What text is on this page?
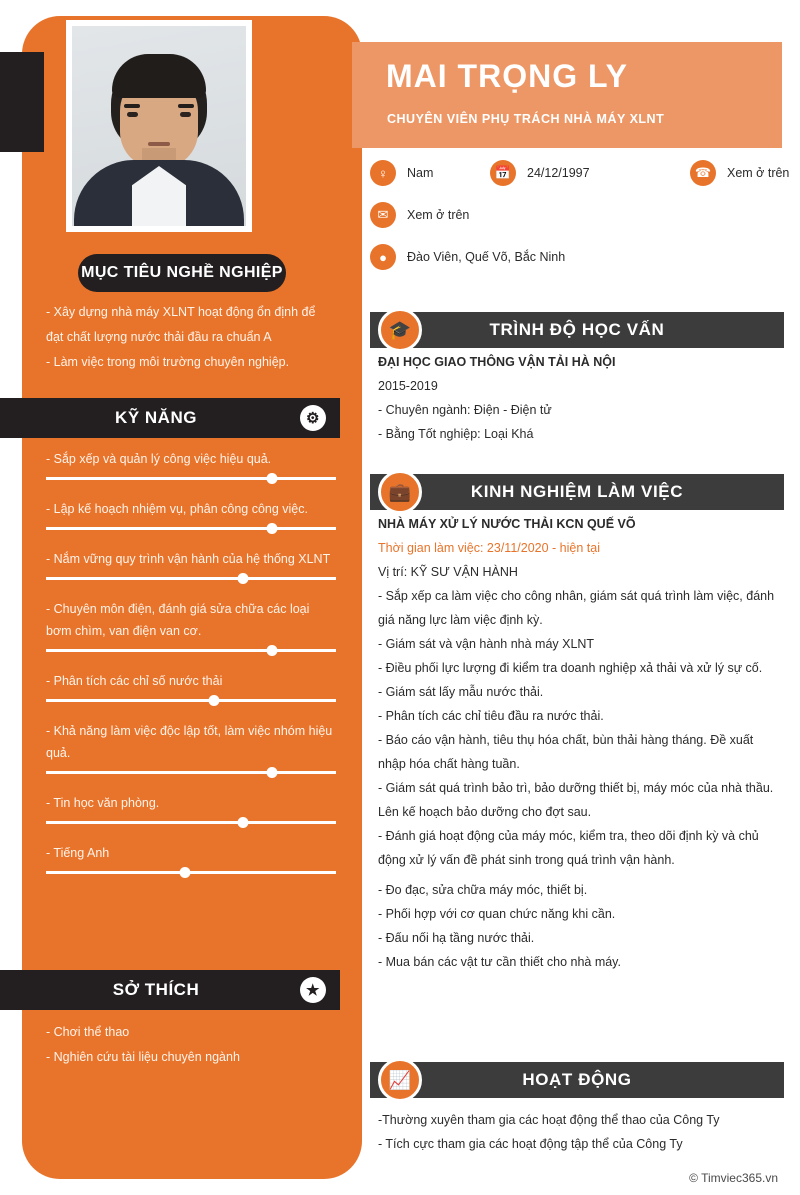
MỤC TIÊU NGHỀ NGHIỆP
- Xây dựng nhà máy XLNT hoạt động ổn định để đạt chất lượng nước thải đầu ra chuẩn A
- Làm việc trong môi trường chuyên nghiệp.
KỸ NĂNG	⚙
- Sắp xếp và quản lý công việc hiệu quả.
- Lập kế hoạch nhiệm vụ, phân công công việc.
- Nắm vững quy trình vận hành của hệ thống XLNT
- Chuyên môn điện, đánh giá sửa chữa các loại bơm chìm, van điện van cơ.
- Phân tích các chỉ số nước thải
- Khả năng làm việc độc lập tốt, làm việc nhóm hiệu quả.
- Tin học văn phòng.
- Tiếng Anh
SỞ THÍCH	★
- Chơi thể thao
- Nghiên cứu tài liệu chuyên ngành
MAI TRỌNG LY
CHUYÊN VIÊN PHỤ TRÁCH NHÀ MÁY XLNT
♀	Nam	📅	24/12/1997	☎	Xem ở trên
✉	Xem ở trên
●	Đào Viên, Quế Võ, Bắc Ninh
TRÌNH ĐỘ HỌC VẤN
🎓
ĐẠI HỌC GIAO THÔNG VẬN TẢI HÀ NỘI
2015-2019
- Chuyên ngành: Điện - Điện tử
- Bằng Tốt nghiệp: Loại Khá
KINH NGHIỆM LÀM VIỆC
💼
NHÀ MÁY XỬ LÝ NƯỚC THẢI KCN QUẾ VÕ
Thời gian làm việc: 23/11/2020 - hiện tại
Vị trí: KỸ SƯ VẬN HÀNH
- Sắp xếp ca làm việc cho công nhân, giám sát quá trình làm việc, đánh giá năng lực làm việc định kỳ.
- Giám sát và vận hành nhà máy XLNT
- Điều phối lực lượng đi kiểm tra doanh nghiệp xả thải và xử lý sự cố.
- Giám sát lấy mẫu nước thải.
- Phân tích các chỉ tiêu đầu ra nước thải.
- Báo cáo vận hành, tiêu thụ hóa chất, bùn thải hàng tháng. Đề xuất nhập hóa chất hàng tuần.
- Giám sát quá trình bảo trì, bảo dưỡng thiết bị, máy móc của nhà thầu. Lên kế hoạch bảo dưỡng cho đợt sau.
- Đánh giá hoạt động của máy móc, kiểm tra, theo dõi định kỳ và chủ động xử lý vấn đề phát sinh trong quá trình vận hành.
- Đo đạc, sửa chữa máy móc, thiết bị.
- Phối hợp với cơ quan chức năng khi cần.
- Đấu nối hạ tầng nước thải.
- Mua bán các vật tư cần thiết cho nhà máy.
HOẠT ĐỘNG
📈
-Thường xuyên tham gia các hoạt động thể thao của Công Ty
- Tích cực tham gia các hoạt động tập thể của Công Ty
© Timviec365.vn
